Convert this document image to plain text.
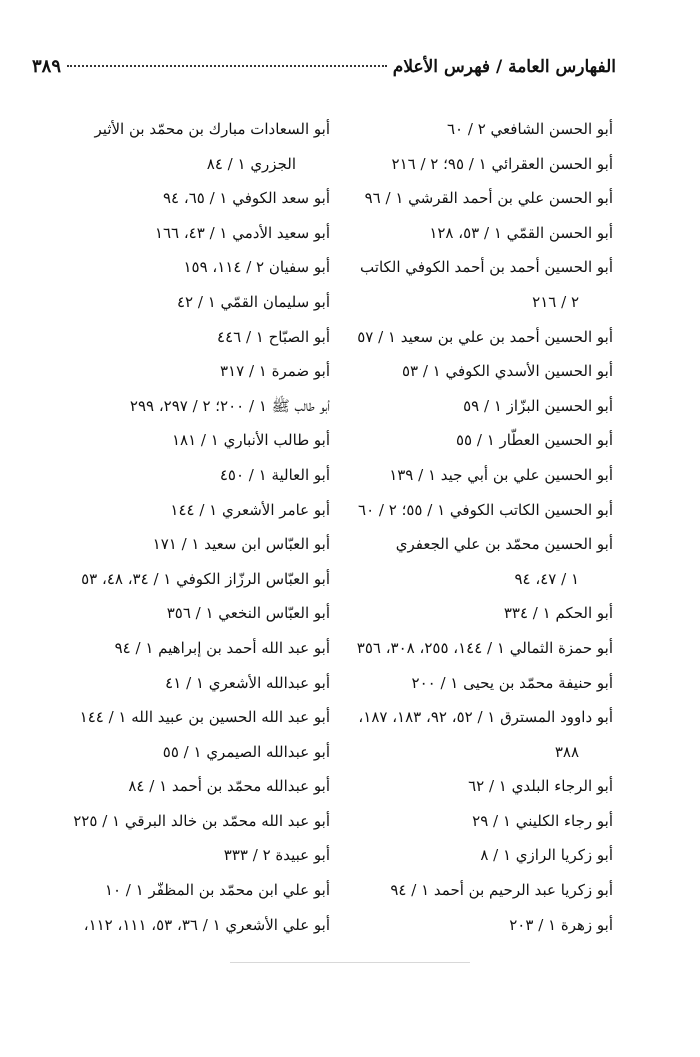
الفهارس العامة / فهرس الأعلام
٣٨٩
أبو الحسن الشافعي ٢ / ٦٠
أبو الحسن العقرائي ١ / ٩٥؛ ٢ / ٢١٦
أبو الحسن علي بن أحمد القرشي ١ / ٩٦
أبو الحسن القمّي ١ / ٥٣، ١٢٨
أبو الحسين أحمد بن أحمد الكوفي الكاتب
٢ / ٢١٦
أبو الحسين أحمد بن علي بن سعيد ١ / ٥٧
أبو الحسين الأسدي الكوفي ١ / ٥٣
أبو الحسين البزّاز ١ / ٥٩
أبو الحسين العطّار ١ / ٥٥
أبو الحسين علي بن أبي جيد ١ / ١٣٩
أبو الحسين الكاتب الكوفي ١ / ٥٥؛ ٢ / ٦٠
أبو الحسين محمّد بن علي الجعفري
١ / ٤٧، ٩٤
أبو الحكم ١ / ٣٣٤
أبو حمزة الثمالي ١ / ١٤٤، ٢٥٥، ٣٠٨، ٣٥٦
أبو حنيفة محمّد بن يحيى ١ / ٢٠٠
أبو داوود المسترق ١ / ٥٢، ٩٢، ١٨٣، ١٨٧،
٣٨٨
أبو الرجاء البلدي ١ / ٦٢
أبو رجاء الكليني ١ / ٢٩
أبو زكريا الرازي ١ / ٨
أبو زكريا عبد الرحيم بن أحمد ١ / ٩٤
أبو زهرة ١ / ٢٠٣
أبو السعادات مبارك بن محمّد بن الأثير
الجزري ١ / ٨٤
أبو سعد الكوفي ١ / ٦٥، ٩٤
أبو سعيد الأدمي ١ / ٤٣، ١٦٦
أبو سفيان ٢ / ١١٤، ١٥٩
أبو سليمان القمّي ١ / ٤٢
أبو الصبّاح ١ / ٤٤٦
أبو ضمرة ١ / ٣١٧
أبو طالب ﷺ ١ / ٢٠٠؛ ٢ / ٢٩٧، ٢٩٩
أبو طالب الأنباري ١ / ١٨١
أبو العالية ١ / ٤٥٠
أبو عامر الأشعري ١ / ١٤٤
أبو العبّاس ابن سعيد ١ / ١٧١
أبو العبّاس الرزّاز الكوفي ١ / ٣٤، ٤٨، ٥٣
أبو العبّاس النخعي ١ / ٣٥٦
أبو عبد الله أحمد بن إبراهيم ١ / ٩٤
أبو عبدالله الأشعري ١ / ٤١
أبو عبد الله الحسين بن عبيد الله ١ / ١٤٤
أبو عبدالله الصيمري ١ / ٥٥
أبو عبدالله محمّد بن أحمد ١ / ٨٤
أبو عبد الله محمّد بن خالد البرقي ١ / ٢٢٥
أبو عبيدة ٢ / ٣٣٣
أبو علي ابن محمّد بن المظفّر ١ / ١٠
أبو علي الأشعري ١ / ٣٦، ٥٣، ١١١، ١١٢،
